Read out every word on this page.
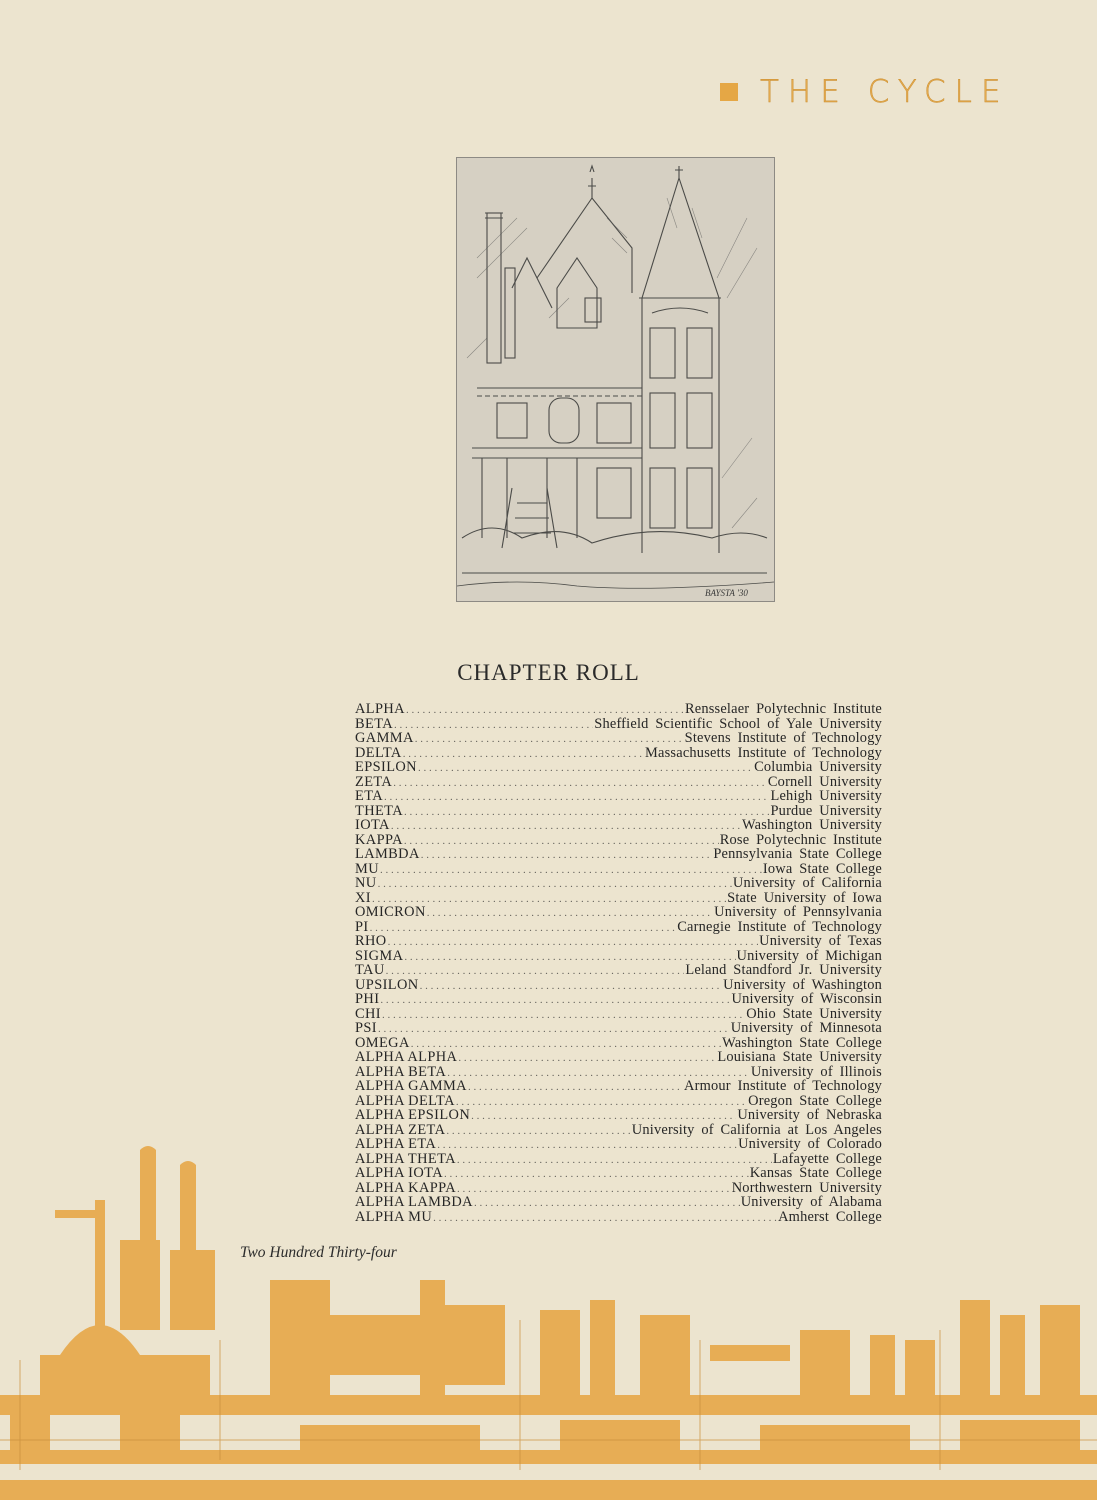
THE CYCLE
BAYSTA '30
CHAPTER ROLL
ALPHA . . .	Rensselaer Polytechnic Institute
BETA . . .	Sheffield Scientific School of Yale University
GAMMA . . .	Stevens Institute of Technology
DELTA . . .	Massachusetts Institute of Technology
EPSILON . . .	Columbia University
ZETA . . .	Cornell University
ETA . . .	Lehigh University
THETA . . .	Purdue University
IOTA . . .	Washington University
KAPPA . . .	Rose Polytechnic Institute
LAMBDA . . .	Pennsylvania State College
MU . . .	Iowa State College
NU . . .	University of California
XI . . .	State University of Iowa
OMICRON . . .	University of Pennsylvania
PI . . .	Carnegie Institute of Technology
RHO . . .	University of Texas
SIGMA . . .	University of Michigan
TAU . . .	Leland Standford Jr. University
UPSILON . . .	University of Washington
PHI . . .	University of Wisconsin
CHI . . .	Ohio State University
PSI . . .	University of Minnesota
OMEGA . . .	Washington State College
ALPHA ALPHA . . .	Louisiana State University
ALPHA BETA . . .	University of Illinois
ALPHA GAMMA . . .	Armour Institute of Technology
ALPHA DELTA . . .	Oregon State College
ALPHA EPSILON . . .	University of Nebraska
ALPHA ZETA . . .	University of California at Los Angeles
ALPHA ETA . . .	University of Colorado
ALPHA THETA . . .	Lafayette College
ALPHA IOTA . . .	Kansas State College
ALPHA KAPPA . . .	Northwestern University
ALPHA LAMBDA . . .	University of Alabama
ALPHA MU . . .	Amherst College
Two Hundred Thirty-four
